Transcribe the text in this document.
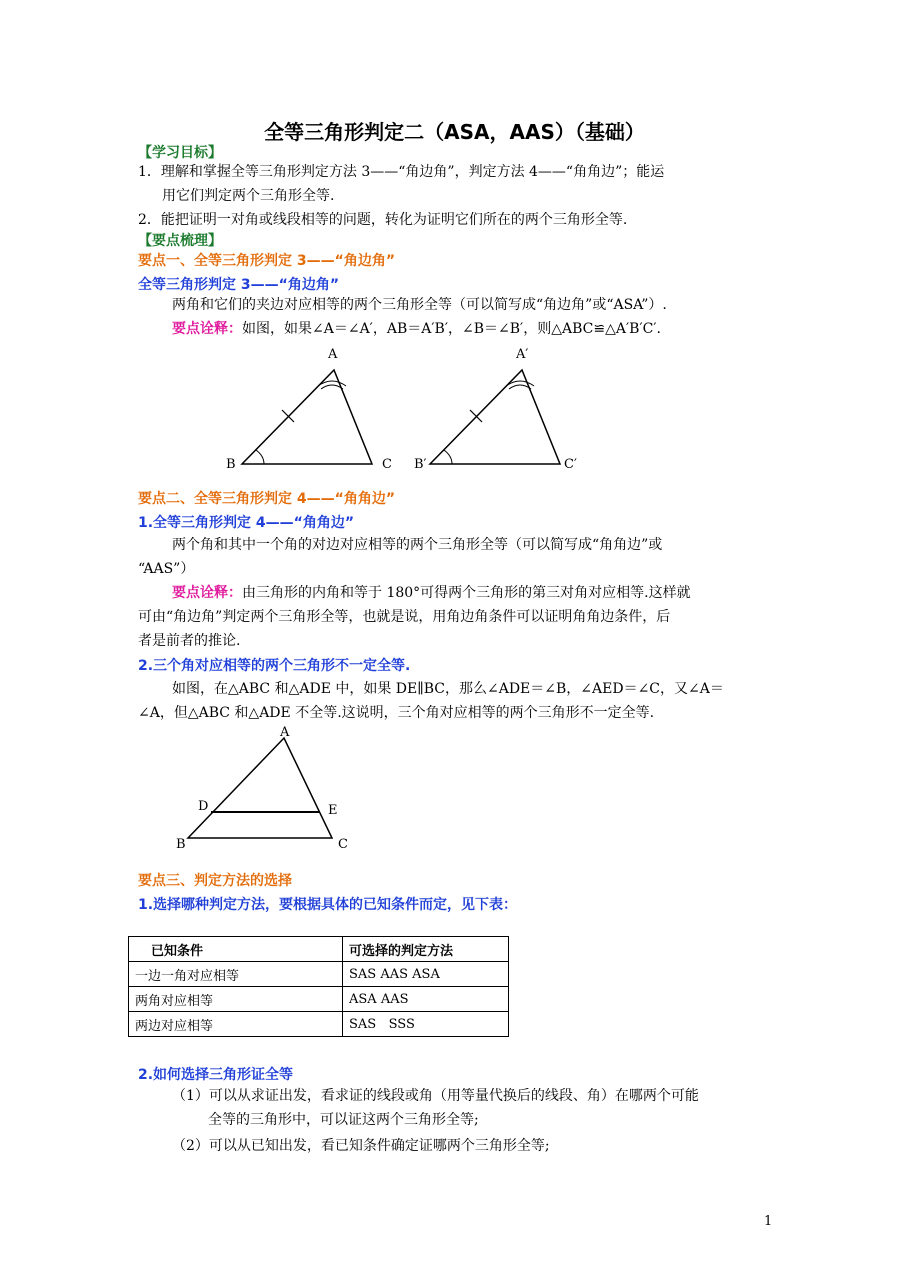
全等三角形判定二（ASA，AAS）（基础）
【学习目标】
1．理解和掌握全等三角形判定方法 3——“角边角”，判定方法 4——“角角边”；能运
用它们判定两个三角形全等.
2．能把证明一对角或线段相等的问题，转化为证明它们所在的两个三角形全等.
【要点梳理】
要点一、全等三角形判定 3——“角边角”
全等三角形判定 3——“角边角”
两角和它们的夹边对应相等的两个三角形全等（可以简写成“角边角”或“ASA”）.
要点诠释：如图，如果∠A＝∠A′，AB＝A′B′，∠B＝∠B′，则△ABC≌△A′B′C′.
A
B	C
A′
B′	C′
要点二、全等三角形判定 4——“角角边”
1.全等三角形判定 4——“角角边”
两个角和其中一个角的对边对应相等的两个三角形全等（可以简写成“角角边”或
“AAS”）
要点诠释：由三角形的内角和等于 180°可得两个三角形的第三对角对应相等.这样就
可由“角边角”判定两个三角形全等，也就是说，用角边角条件可以证明角角边条件，后
者是前者的推论.
2.三个角对应相等的两个三角形不一定全等.
如图，在△ABC 和△ADE 中，如果 DE∥BC，那么∠ADE＝∠B，∠AED＝∠C，又∠A＝
∠A，但△ABC 和△ADE 不全等.这说明，三个角对应相等的两个三角形不一定全等.
A
B	C
D	E
要点三、判定方法的选择
1.选择哪种判定方法，要根据具体的已知条件而定，见下表：
已知条件	可选择的判定方法
一边一角对应相等	SAS AAS ASA
两角对应相等	ASA AAS
两边对应相等	SAS   SSS
2.如何选择三角形证全等
（1）可以从求证出发，看求证的线段或角（用等量代换后的线段、角）在哪两个可能
全等的三角形中，可以证这两个三角形全等;
（2）可以从已知出发，看已知条件确定证哪两个三角形全等;
1
